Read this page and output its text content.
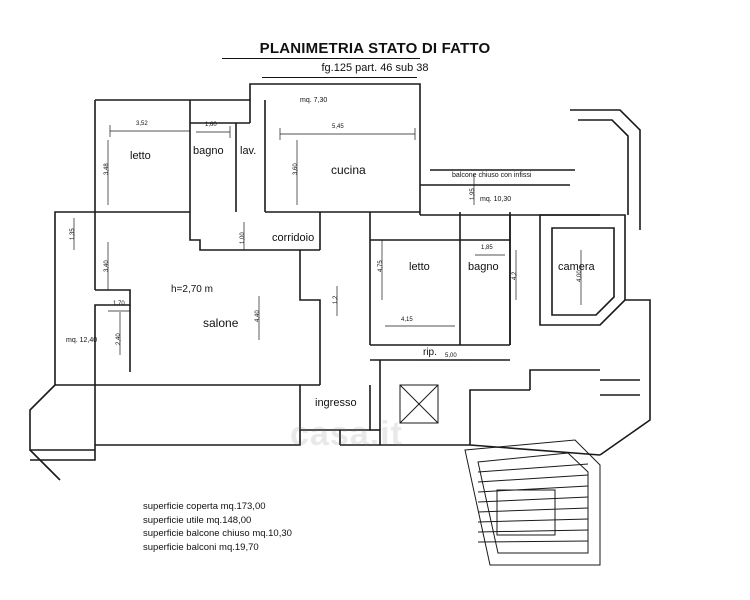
PLANIMETRIA STATO DI FATTO
fg.125 part. 46 sub 38
letto	bagno lav.
cucina
corridoio
salone
letto	bagno	camera
rip.
ingresso
h=2,70 m
balcone chiuso con infissi
mq. 10,30
mq. 7,30
mq. 12,40
3,52	1,60	5,45
1,85
4,15
5,00
1,70
3,48	3,60
1,35
3,40
1,00
2,40
4,40
1,2
4,75
1,95
4,2	4,00
casa.it
superficie coperta mq.173,00
superficie utile mq.148,00
superficie balcone chiuso mq.10,30
superficie balconi mq.19,70
